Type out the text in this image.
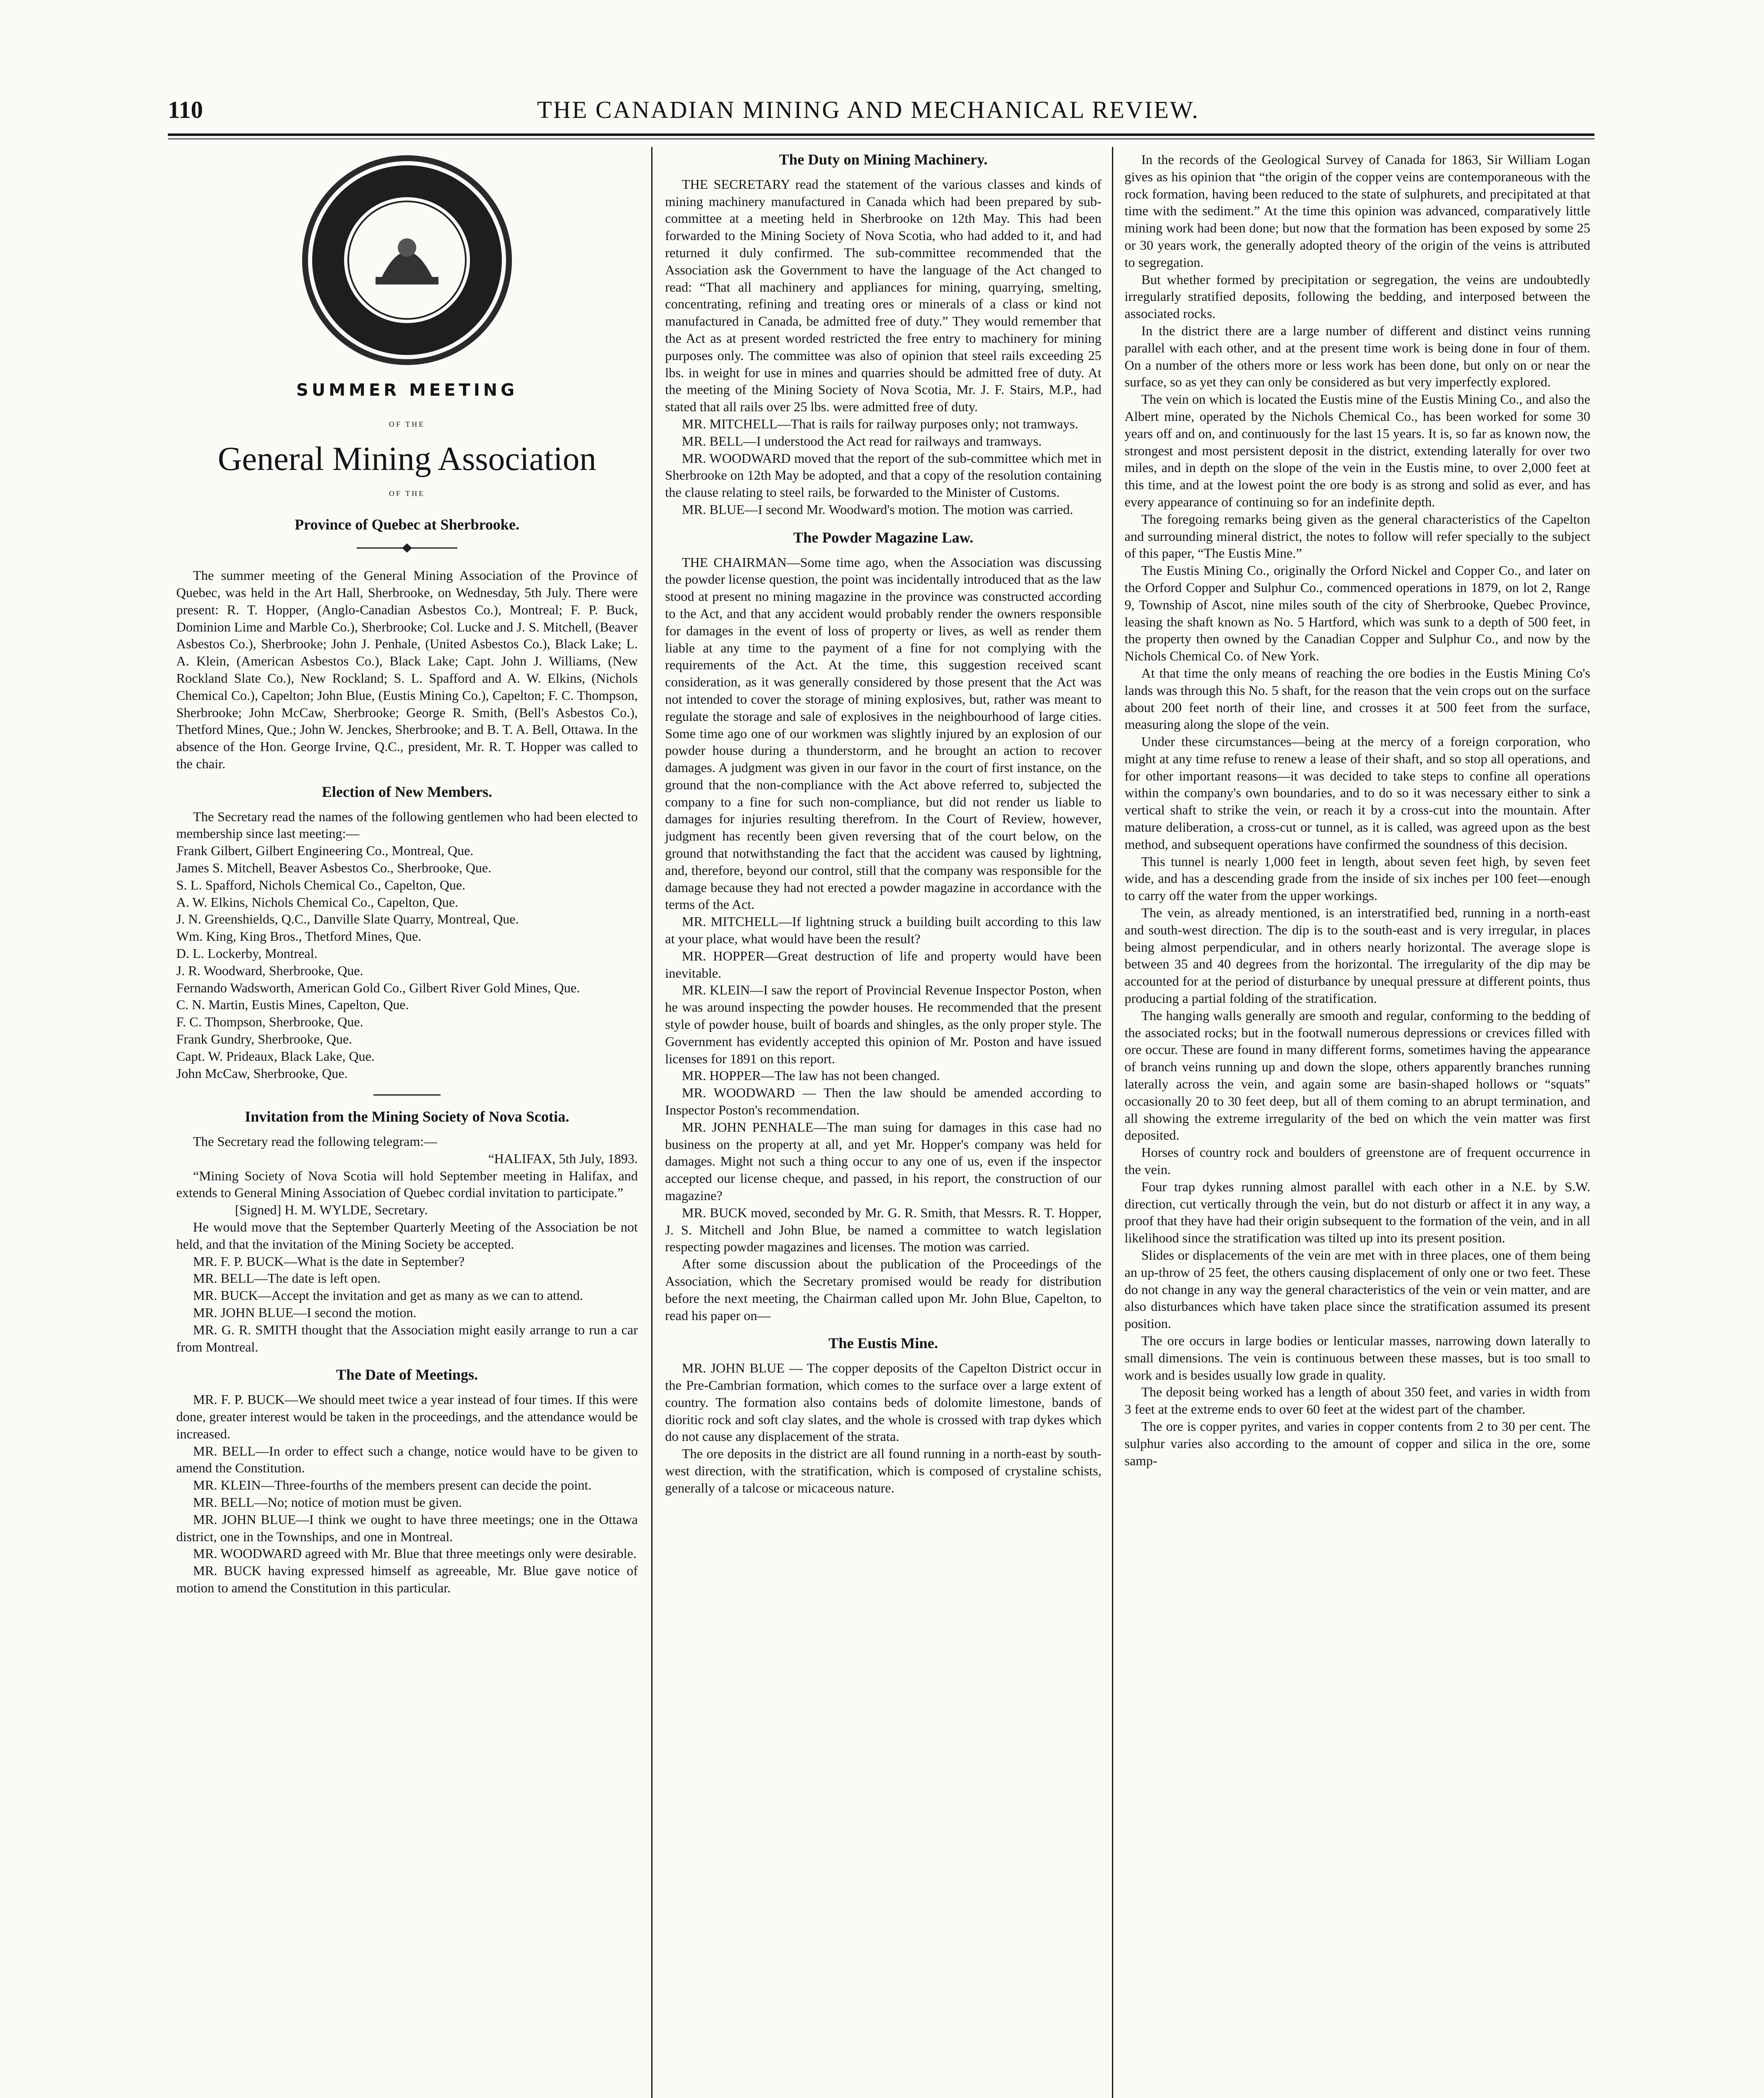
110	THE CANADIAN MINING AND MECHANICAL REVIEW.
SUMMER MEETING
OF THE
General Mining Association
OF THE
Province of Quebec at Sherbrooke.

The summer meeting of the General Mining Association of the Province of Quebec, was held in the Art Hall, Sherbrooke, on Wednesday, 5th July. There were present: R. T. Hopper, (Anglo-Canadian Asbestos Co.), Montreal; F. P. Buck, Dominion Lime and Marble Co.), Sherbrooke; Col. Lucke and J. S. Mitchell, (Beaver Asbestos Co.), Sherbrooke; John J. Penhale, (United Asbestos Co.), Black Lake; L. A. Klein, (American Asbestos Co.), Black Lake; Capt. John J. Williams, (New Rockland Slate Co.), New Rockland; S. L. Spafford and A. W. Elkins, (Nichols Chemical Co.), Capelton; John Blue, (Eustis Mining Co.), Capelton; F. C. Thompson, Sherbrooke; John McCaw, Sherbrooke; George R. Smith, (Bell's Asbestos Co.), Thetford Mines, Que.; John W. Jenckes, Sherbrooke; and B. T. A. Bell, Ottawa. In the absence of the Hon. George Irvine, Q.C., president, Mr. R. T. Hopper was called to the chair.

Election of New Members.

The Secretary read the names of the following gentlemen who had been elected to membership since last meeting:—

Frank Gilbert, Gilbert Engineering Co., Montreal, Que.

James S. Mitchell, Beaver Asbestos Co., Sherbrooke, Que.

S. L. Spafford, Nichols Chemical Co., Capelton, Que.

A. W. Elkins, Nichols Chemical Co., Capelton, Que.

J. N. Greenshields, Q.C., Danville Slate Quarry, Montreal, Que.

Wm. King, King Bros., Thetford Mines, Que.

D. L. Lockerby, Montreal.

J. R. Woodward, Sherbrooke, Que.

Fernando Wadsworth, American Gold Co., Gilbert River Gold Mines, Que.

C. N. Martin, Eustis Mines, Capelton, Que.

F. C. Thompson, Sherbrooke, Que.

Frank Gundry, Sherbrooke, Que.

Capt. W. Prideaux, Black Lake, Que.

John McCaw, Sherbrooke, Que.

Invitation from the Mining Society of Nova Scotia.

The Secretary read the following telegram:—

“HALIFAX, 5th July, 1893.

“Mining Society of Nova Scotia will hold September meeting in Halifax, and extends to General Mining Association of Quebec cordial invitation to participate.”

[Signed] H. M. WYLDE, Secretary.

He would move that the September Quarterly Meeting of the Association be not held, and that the invitation of the Mining Society be accepted.

MR. F. P. BUCK—What is the date in September?

MR. BELL—The date is left open.

MR. BUCK—Accept the invitation and get as many as we can to attend.

MR. JOHN BLUE—I second the motion.

MR. G. R. SMITH thought that the Association might easily arrange to run a car from Montreal.

The Date of Meetings.

MR. F. P. BUCK—We should meet twice a year instead of four times. If this were done, greater interest would be taken in the proceedings, and the attendance would be increased.

MR. BELL—In order to effect such a change, notice would have to be given to amend the Constitution.

MR. KLEIN—Three-fourths of the members present can decide the point.

MR. BELL—No; notice of motion must be given.

MR. JOHN BLUE—I think we ought to have three meetings; one in the Ottawa district, one in the Townships, and one in Montreal.

MR. WOODWARD agreed with Mr. Blue that three meetings only were desirable.

MR. BUCK having expressed himself as agreeable, Mr. Blue gave notice of motion to amend the Constitution in this particular.

The Duty on Mining Machinery.

THE SECRETARY read the statement of the various classes and kinds of mining machinery manufactured in Canada which had been prepared by sub-committee at a meeting held in Sherbrooke on 12th May. This had been forwarded to the Mining Society of Nova Scotia, who had added to it, and had returned it duly confirmed. The sub-committee recommended that the Association ask the Government to have the language of the Act changed to read: “That all machinery and appliances for mining, quarrying, smelting, concentrating, refining and treating ores or minerals of a class or kind not manufactured in Canada, be admitted free of duty.” They would remember that the Act as at present worded restricted the free entry to machinery for mining purposes only. The committee was also of opinion that steel rails exceeding 25 lbs. in weight for use in mines and quarries should be admitted free of duty. At the meeting of the Mining Society of Nova Scotia, Mr. J. F. Stairs, M.P., had stated that all rails over 25 lbs. were admitted free of duty.

MR. MITCHELL—That is rails for railway purposes only; not tramways.

MR. BELL—I understood the Act read for railways and tramways.

MR. WOODWARD moved that the report of the sub-committee which met in Sherbrooke on 12th May be adopted, and that a copy of the resolution containing the clause relating to steel rails, be forwarded to the Minister of Customs.

MR. BLUE—I second Mr. Woodward's motion. The motion was carried.

The Powder Magazine Law.

THE CHAIRMAN—Some time ago, when the Association was discussing the powder license question, the point was incidentally introduced that as the law stood at present no mining magazine in the province was constructed according to the Act, and that any accident would probably render the owners responsible for damages in the event of loss of property or lives, as well as render them liable at any time to the payment of a fine for not complying with the requirements of the Act. At the time, this suggestion received scant consideration, as it was generally considered by those present that the Act was not intended to cover the storage of mining explosives, but, rather was meant to regulate the storage and sale of explosives in the neighbourhood of large cities. Some time ago one of our workmen was slightly injured by an explosion of our powder house during a thunderstorm, and he brought an action to recover damages. A judgment was given in our favor in the court of first instance, on the ground that the non-compliance with the Act above referred to, subjected the company to a fine for such non-compliance, but did not render us liable to damages for injuries resulting therefrom. In the Court of Review, however, judgment has recently been given reversing that of the court below, on the ground that notwithstanding the fact that the accident was caused by lightning, and, therefore, beyond our control, still that the company was responsible for the damage because they had not erected a powder magazine in accordance with the terms of the Act.

MR. MITCHELL—If lightning struck a building built according to this law at your place, what would have been the result?

MR. HOPPER—Great destruction of life and property would have been inevitable.

MR. KLEIN—I saw the report of Provincial Revenue Inspector Poston, when he was around inspecting the powder houses. He recommended that the present style of powder house, built of boards and shingles, as the only proper style. The Government has evidently accepted this opinion of Mr. Poston and have issued licenses for 1891 on this report.

MR. HOPPER—The law has not been changed.

MR. WOODWARD — Then the law should be amended according to Inspector Poston's recommendation.

MR. JOHN PENHALE—The man suing for damages in this case had no business on the property at all, and yet Mr. Hopper's company was held for damages. Might not such a thing occur to any one of us, even if the inspector accepted our license cheque, and passed, in his report, the construction of our magazine?

MR. BUCK moved, seconded by Mr. G. R. Smith, that Messrs. R. T. Hopper, J. S. Mitchell and John Blue, be named a committee to watch legislation respecting powder magazines and licenses. The motion was carried.

After some discussion about the publication of the Proceedings of the Association, which the Secretary promised would be ready for distribution before the next meeting, the Chairman called upon Mr. John Blue, Capelton, to read his paper on—

The Eustis Mine.

MR. JOHN BLUE — The copper deposits of the Capelton District occur in the Pre-Cambrian formation, which comes to the surface over a large extent of country. The formation also contains beds of dolomite limestone, bands of dioritic rock and soft clay slates, and the whole is crossed with trap dykes which do not cause any displacement of the strata.

The ore deposits in the district are all found running in a north-east by south-west direction, with the stratification, which is composed of crystaline schists, generally of a talcose or micaceous nature.

In the records of the Geological Survey of Canada for 1863, Sir William Logan gives as his opinion that “the origin of the copper veins are contemporaneous with the rock formation, having been reduced to the state of sulphurets, and precipitated at that time with the sediment.” At the time this opinion was advanced, comparatively little mining work had been done; but now that the formation has been exposed by some 25 or 30 years work, the generally adopted theory of the origin of the veins is attributed to segregation.

But whether formed by precipitation or segregation, the veins are undoubtedly irregularly stratified deposits, following the bedding, and interposed between the associated rocks.

In the district there are a large number of different and distinct veins running parallel with each other, and at the present time work is being done in four of them. On a number of the others more or less work has been done, but only on or near the surface, so as yet they can only be considered as but very imperfectly explored.

The vein on which is located the Eustis mine of the Eustis Mining Co., and also the Albert mine, operated by the Nichols Chemical Co., has been worked for some 30 years off and on, and continuously for the last 15 years. It is, so far as known now, the strongest and most persistent deposit in the district, extending laterally for over two miles, and in depth on the slope of the vein in the Eustis mine, to over 2,000 feet at this time, and at the lowest point the ore body is as strong and solid as ever, and has every appearance of continuing so for an indefinite depth.

The foregoing remarks being given as the general characteristics of the Capelton and surrounding mineral district, the notes to follow will refer specially to the subject of this paper, “The Eustis Mine.”

The Eustis Mining Co., originally the Orford Nickel and Copper Co., and later on the Orford Copper and Sulphur Co., commenced operations in 1879, on lot 2, Range 9, Township of Ascot, nine miles south of the city of Sherbrooke, Quebec Province, leasing the shaft known as No. 5 Hartford, which was sunk to a depth of 500 feet, in the property then owned by the Canadian Copper and Sulphur Co., and now by the Nichols Chemical Co. of New York.

At that time the only means of reaching the ore bodies in the Eustis Mining Co's lands was through this No. 5 shaft, for the reason that the vein crops out on the surface about 200 feet north of their line, and crosses it at 500 feet from the surface, measuring along the slope of the vein.

Under these circumstances—being at the mercy of a foreign corporation, who might at any time refuse to renew a lease of their shaft, and so stop all operations, and for other important reasons—it was decided to take steps to confine all operations within the company's own boundaries, and to do so it was necessary either to sink a vertical shaft to strike the vein, or reach it by a cross-cut into the mountain. After mature deliberation, a cross-cut or tunnel, as it is called, was agreed upon as the best method, and subsequent operations have confirmed the soundness of this decision.

This tunnel is nearly 1,000 feet in length, about seven feet high, by seven feet wide, and has a descending grade from the inside of six inches per 100 feet—enough to carry off the water from the upper workings.

The vein, as already mentioned, is an interstratified bed, running in a north-east and south-west direction. The dip is to the south-east and is very irregular, in places being almost perpendicular, and in others nearly horizontal. The average slope is between 35 and 40 degrees from the horizontal. The irregularity of the dip may be accounted for at the period of disturbance by unequal pressure at different points, thus producing a partial folding of the stratification.

The hanging walls generally are smooth and regular, conforming to the bedding of the associated rocks; but in the footwall numerous depressions or crevices filled with ore occur. These are found in many different forms, sometimes having the appearance of branch veins running up and down the slope, others apparently branches running laterally across the vein, and again some are basin-shaped hollows or “squats” occasionally 20 to 30 feet deep, but all of them coming to an abrupt termination, and all showing the extreme irregularity of the bed on which the vein matter was first deposited.

Horses of country rock and boulders of greenstone are of frequent occurrence in the vein.

Four trap dykes running almost parallel with each other in a N.E. by S.W. direction, cut vertically through the vein, but do not disturb or affect it in any way, a proof that they have had their origin subsequent to the formation of the vein, and in all likelihood since the stratification was tilted up into its present position.

Slides or displacements of the vein are met with in three places, one of them being an up-throw of 25 feet, the others causing displacement of only one or two feet. These do not change in any way the general characteristics of the vein or vein matter, and are also disturbances which have taken place since the stratification assumed its present position.

The ore occurs in large bodies or lenticular masses, narrowing down laterally to small dimensions. The vein is continuous between these masses, but is too small to work and is besides usually low grade in quality.

The deposit being worked has a length of about 350 feet, and varies in width from 3 feet at the extreme ends to over 60 feet at the widest part of the chamber.

The ore is copper pyrites, and varies in copper contents from 2 to 30 per cent. The sulphur varies also according to the amount of copper and silica in the ore, some samp-
